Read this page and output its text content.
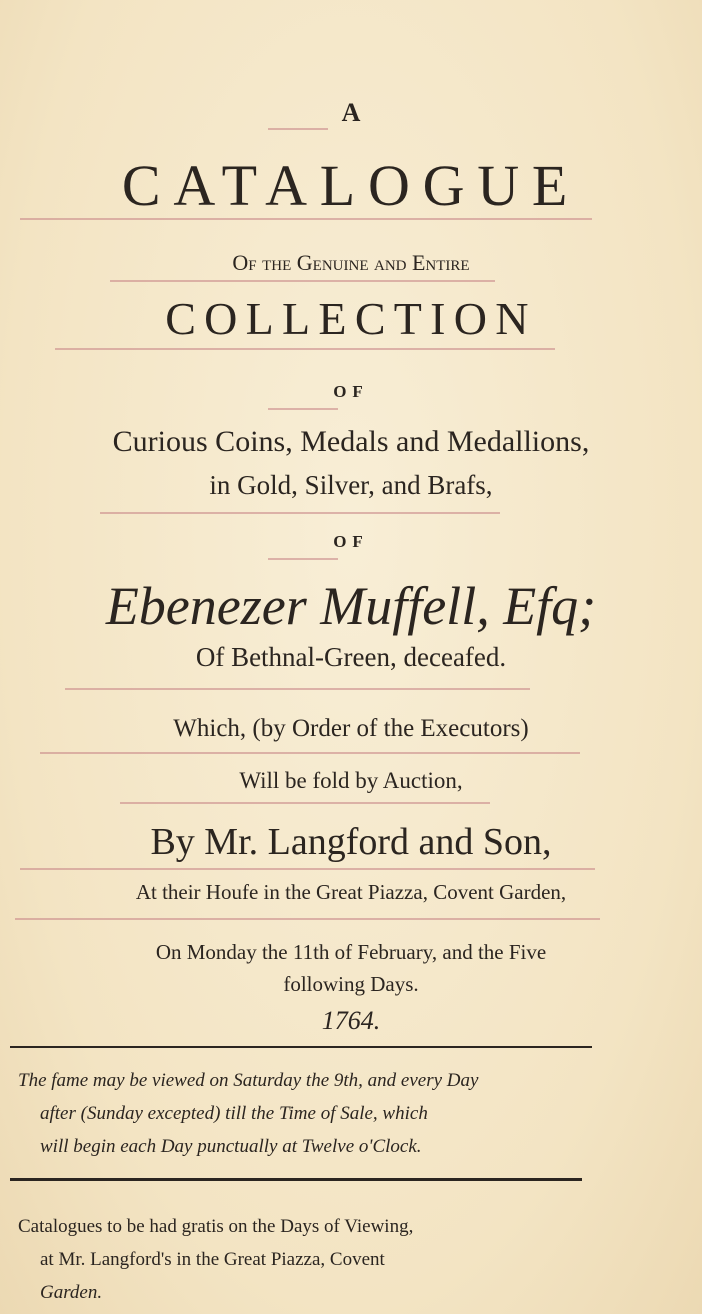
A
CATALOGUE
Of the Genuine and Entire
COLLECTION
OF
Curious Coins, Medals and Medallions,
in Gold, Silver, and Brafs,
OF
Ebenezer Muffell, Efq;
Of Bethnal-Green, deceafed.
Which, (by Order of the Executors)
Will be fold by Auction,
By Mr. Langford and Son,
At their Houfe in the Great Piazza, Covent Garden,
On Monday the 11th of February, and the Five
following Days.
1764.
The fame may be viewed on Saturday the 9th, and every Day
after (Sunday excepted) till the Time of Sale, which
will begin each Day punctually at Twelve o'Clock.
Catalogues to be had gratis on the Days of Viewing,
at Mr. Langford's in the Great Piazza, Covent
Garden.
